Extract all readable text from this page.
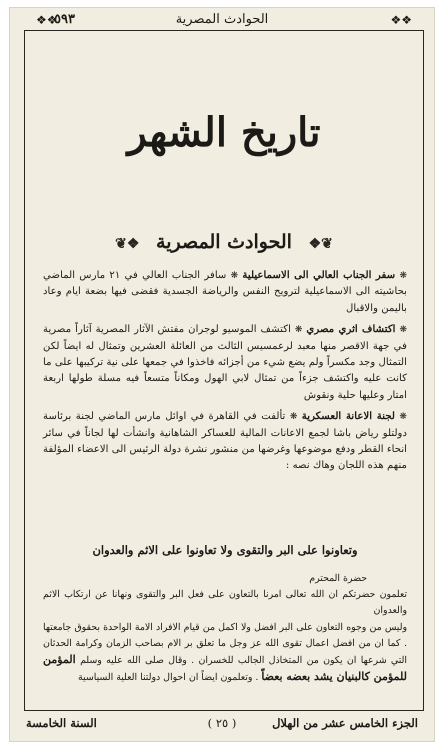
❖❖
الحوادث المصرية
٥٩٣
❖❖
تاريخ الشهر
❦❖ الحوادث المصرية ❖❦

❋ سفر الجناب العالي الى الاسماعيلية ❋ سافر الجناب العالي في ٢١ مارس الماضي بحاشيته الى الاسماعيلية لترويح النفس والرياضة الجسدية فقضى فيها بضعة ايام وعاد باليمن والاقبال

❋ اكتشاف اثري مصري ❋ اكتشف الموسيو لوجران مفتش الآثار المصرية آثاراً مصرية في جهة الاقصر منها معبد لرعمسيس الثالث من العائلة العشرين وتمثال له ايضاً لكن التمثال وجد مكسراً ولم يضع شيء من أجزائه فاخذوا في جمعها على نية تركيبها على ما كانت عليه واكتشف جزءاً من تمثال لابي الهول ومكاناً متسعاً فيه مسلة طولها اربعة امتار وعليها حلية ونقوش

❋ لجنة الاعانة العسكرية ❋ تألفت في القاهرة في اوائل مارس الماضي لجنة برئاسة دولتلو رياض باشا لجمع الاعانات المالية للعساكر الشاهانية وانشأت لها لجاناً في سائر انحاء القطر ودفع موضوعها وغرضها من منشور نشرة دولة الرئيس الى الاعضاء المؤلفة منهم هذه اللجان وهاك نصه :

وتعاونوا على البر والتقوى ولا تعاونوا على الاثم والعدوان

حضرة المحترم

تعلمون حضرتكم ان الله تعالى امرنا بالتعاون على فعل البر والتقوى ونهانا عن ارتكاب الاثم والعدوان

وليس من وجوه التعاون على البر افضل ولا اكمل من قيام الافراد الامة الواحدة بحقوق جامعتها . كما ان من افضل اعمال تقوى الله عز وجل ما تعلق بر الام بصاحب الزمان وكرامة الحدثان التي شرعها ان يكون من المتخاذل الجالب للخسران . وقال صلى الله عليه وسلم المؤمن للمؤمن كالبنيان يشد بعضه بعضاً . وتعلمون ايضاً ان احوال دولتنا العلية السياسية

الجزء الخامس عشر من الهلال
( ٢٥ )
السنة الخامسة
